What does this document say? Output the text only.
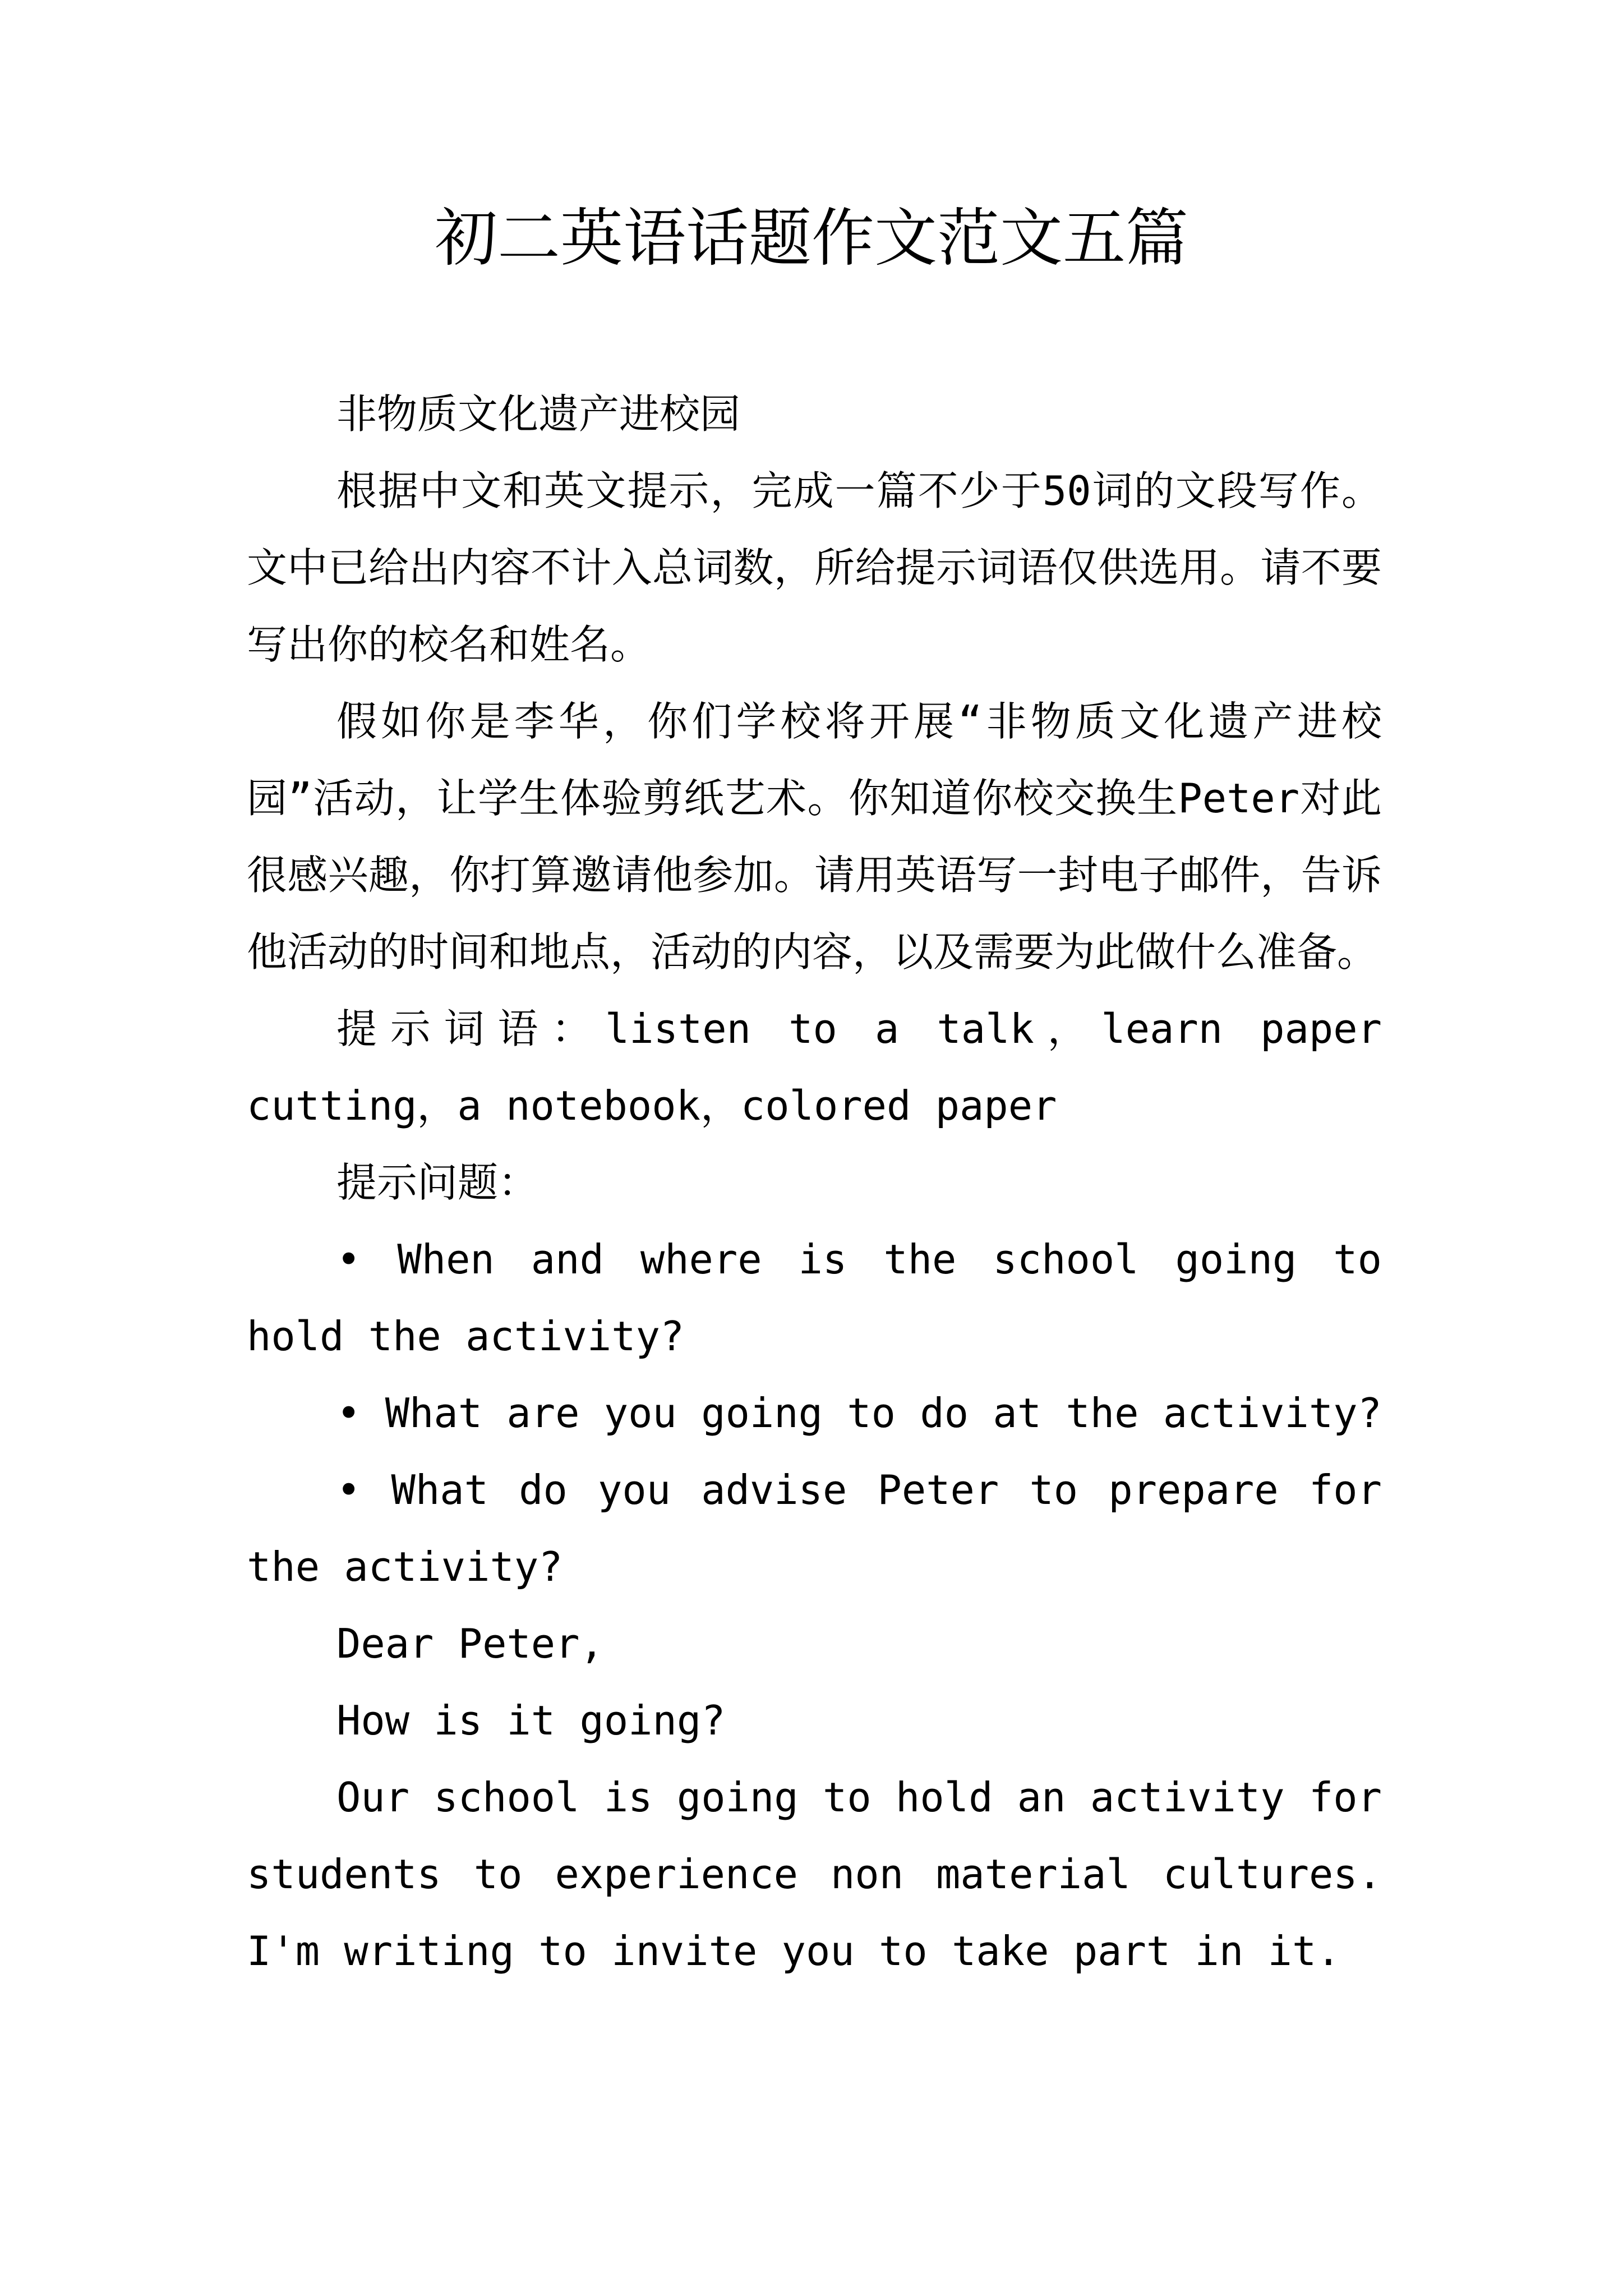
初二英语话题作文范文五篇

非物质文化遗产进校园

根据中文和英文提示，完成一篇不少于50词的文段写作。文中已给出内容不计入总词数，所给提示词语仅供选用。请不要写出你的校名和姓名。

假如你是李华，你们学校将开展“非物质文化遗产进校园”活动，让学生体验剪纸艺术。你知道你校交换生Peter对此很感兴趣，你打算邀请他参加。请用英语写一封电子邮件，告诉他活动的时间和地点，活动的内容，以及需要为此做什么准备。

提示词语：listen to a talk，learn paper cutting，a notebook，colored paper

提示问题：

• When and where is the school going to hold the activity?

• What are you going to do at the activity?

• What do you advise Peter to prepare for the activity?

Dear Peter,

How is it going?

Our school is going to hold an activity for students to experience non material cultures. I'm writing to invite you to take part in it.
